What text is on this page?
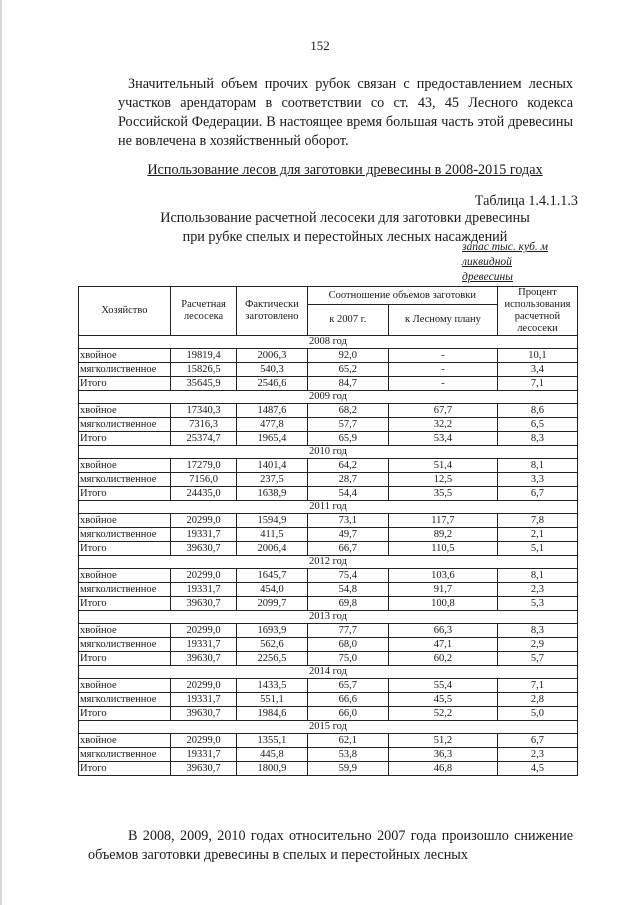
152
Значительный объем прочих рубок связан с предоставлением лесных участков арендаторам в соответствии со ст. 43, 45 Лесного кодекса Российской Федерации. В настоящее время большая часть этой древесины не вовлечена в хозяйственный оборот.
Использование лесов для заготовки древесины в 2008-2015 годах
Таблица 1.4.1.1.3
Использование расчетной лесосеки для заготовки древесины
при рубке спелых и перестойных лесных насаждений
запас тыс. куб. м ликвидной древесины
Хозяйство	Расчетная лесосека	Фактически заготовлено	Соотношение объемов заготовки		Процент использования расчетной лесосеки
			к 2007 г.	к Лесному плану	
2008 год					
хвойное	19819,4	2006,3	92,0	-	10,1
мягколиственное	15826,5	540,3	65,2	-	3,4
Итого	35645,9	2546,6	84,7	-	7,1
2009 год					
хвойное	17340,3	1487,6	68,2	67,7	8,6
мягколиственное	7316,3	477,8	57,7	32,2	6,5
Итого	25374,7	1965,4	65,9	53,4	8,3
2010 год					
хвойное	17279,0	1401,4	64,2	51,4	8,1
мягколиственное	7156,0	237,5	28,7	12,5	3,3
Итого	24435,0	1638,9	54,4	35,5	6,7
2011 год					
хвойное	20299,0	1594,9	73,1	117,7	7,8
мягколиственное	19331,7	411,5	49,7	89,2	2,1
Итого	39630,7	2006,4	66,7	110,5	5,1
2012 год					
хвойное	20299,0	1645,7	75,4	103,6	8,1
мягколиственное	19331,7	454,0	54,8	91,7	2,3
Итого	39630,7	2099,7	69,8	100,8	5,3
2013 год					
хвойное	20299,0	1693,9	77,7	66,3	8,3
мягколиственное	19331,7	562,6	68,0	47,1	2,9
Итого	39630,7	2256,5	75,0	60,2	5,7
2014 год					
хвойное	20299,0	1433,5	65,7	55,4	7,1
мягколиственное	19331,7	551,1	66,6	45,5	2,8
Итого	39630,7	1984,6	66,0	52,2	5,0
2015 год					
хвойное	20299,0	1355,1	62,1	51,2	6,7
мягколиственное	19331,7	445,8	53,8	36,3	2,3
Итого	39630,7	1800,9	59,9	46,8	4,5
В 2008, 2009, 2010 годах относительно 2007 года произошло снижение объемов заготовки древесины в спелых и перестойных лесных
